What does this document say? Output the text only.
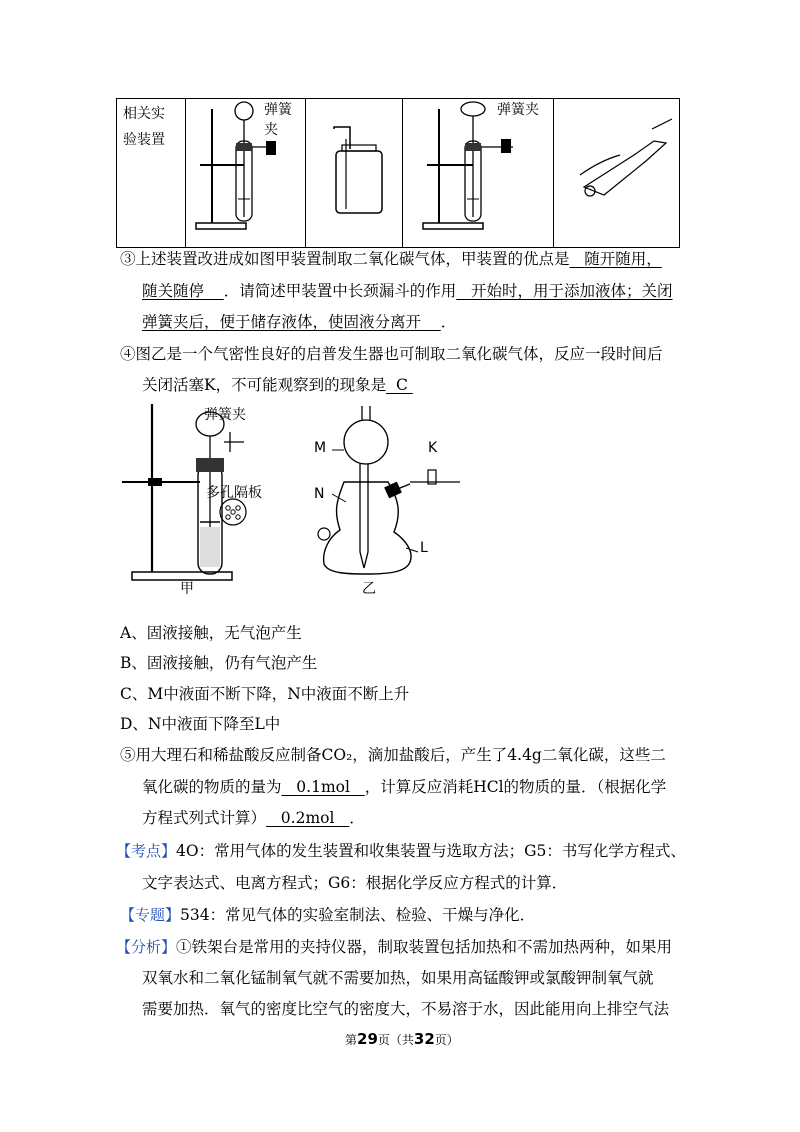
相关实
验装置

弹簧夹

弹簧夹

③上述装置改进成如图甲装置制取二氧化碳气体，甲装置的优点是 随开随用，
随关随停 ．请简述甲装置中长颈漏斗的作用 开始时，用于添加液体；关闭
弹簧夹后，便于储存液体，使固液分离开 ．
④图乙是一个气密性良好的启普发生器也可制取二氧化碳气体，反应一段时间后
关闭活塞K，不可能观察到的现象是 C
弹簧夹
多孔隔板
甲
M
N
K
L
乙
A、固液接触，无气泡产生
B、固液接触，仍有气泡产生
C、M中液面不断下降，N中液面不断上升
D、N中液面下降至L中
⑤用大理石和稀盐酸反应制备CO₂，滴加盐酸后，产生了4.4g二氧化碳，这些二
氧化碳的物质的量为 0.1mol ，计算反应消耗HCl的物质的量．（根据化学
方程式列式计算） 0.2mol ．
【考点】4O：常用气体的发生装置和收集装置与选取方法；G5：书写化学方程式、
文字表达式、电离方程式；G6：根据化学反应方程式的计算．
【专题】534：常见气体的实验室制法、检验、干燥与净化．
【分析】①铁架台是常用的夹持仪器，制取装置包括加热和不需加热两种，如果用
双氧水和二氧化锰制氧气就不需要加热，如果用高锰酸钾或氯酸钾制氧气就
需要加热．氧气的密度比空气的密度大，不易溶于水，因此能用向上排空气法
第29页（共32页）
